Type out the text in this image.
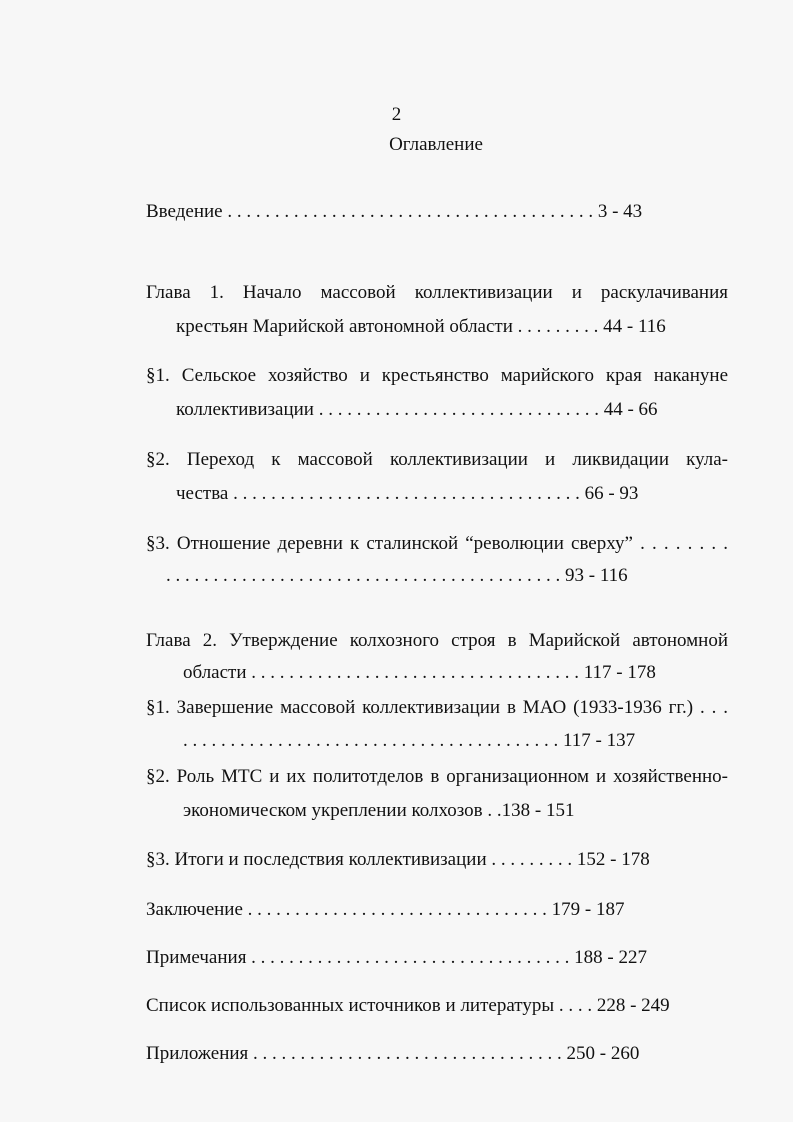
2
Оглавление
Введение . . . . . . . . . . . . . . . . . . . . . . . . . . . . . . . . . . . . . . . 3 - 43
Глава 1. Начало массовой коллективизации и раскулачивания
крестьян Марийской автономной области . . . . . . . . . 44 - 116
§1. Сельское хозяйство и крестьянство марийского края накануне
коллективизации . . . . . . . . . . . . . . . . . . . . . . . . . . . . . . 44 - 66
§2. Переход к массовой коллективизации и ликвидации кула-
чества . . . . . . . . . . . . . . . . . . . . . . . . . . . . . . . . . . . . . 66 - 93
§3. Отношение деревни к сталинской “революции сверху” . . . . . . . .
. . . . . . . . . . . . . . . . . . . . . . . . . . . . . . . . . . . . . . . . . . 93 - 116
Глава 2. Утверждение колхозного строя в Марийской автономной
области . . . . . . . . . . . . . . . . . . . . . . . . . . . . . . . . . . . 117 - 178
§1. Завершение массовой коллективизации в МАО (1933-1936 гг.) . . .
. . . . . . . . . . . . . . . . . . . . . . . . . . . . . . . . . . . . . . . . 117 - 137
§2. Роль МТС и их политотделов в организационном и хозяйственно-
экономическом укреплении колхозов . .138 - 151
§3. Итоги и последствия коллективизации . . . . . . . . . 152 - 178
Заключение . . . . . . . . . . . . . . . . . . . . . . . . . . . . . . . . 179 - 187
Примечания . . . . . . . . . . . . . . . . . . . . . . . . . . . . . . . . . . 188 - 227
Список использованных источников и литературы . . . . 228 - 249
Приложения . . . . . . . . . . . . . . . . . . . . . . . . . . . . . . . . . 250 - 260
